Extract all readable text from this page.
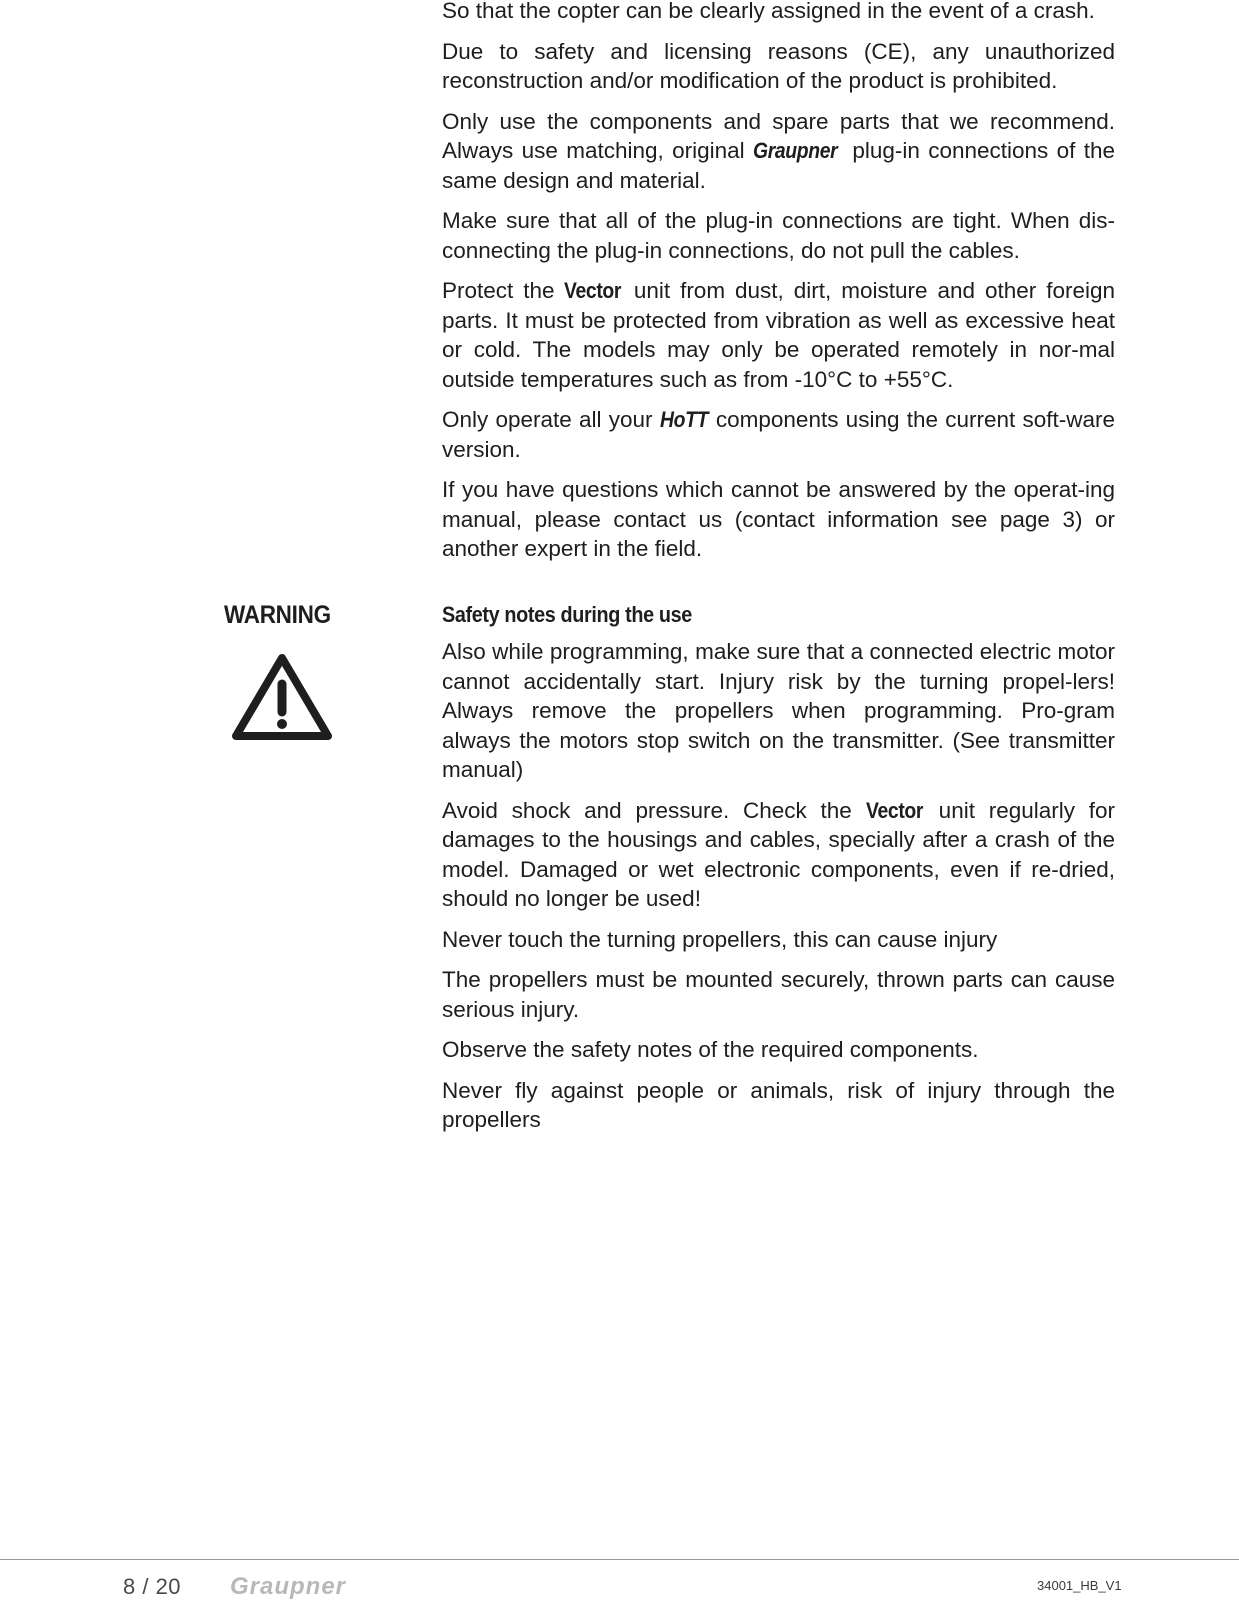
So that the copter can be clearly assigned in the event of a crash.

Due to safety and licensing reasons (CE), any unauthorized reconstruction and/or modification of the product is prohibited.

Only use the components and spare parts that we recommend. Always use matching, original Graupner plug-in connections of the same design and material.

Make sure that all of the plug-in connections are tight. When dis-connecting the plug-in connections, do not pull the cables.

Protect the Vector unit from dust, dirt, moisture and other foreign parts. It must be protected from vibration as well as excessive heat or cold. The models may only be operated remotely in nor-mal outside temperatures such as from -10°C to +55°C.

Only operate all your HoTT components using the current soft-ware version.

If you have questions which cannot be answered by the operat-ing manual, please contact us (contact information see page 3) or another expert in the field.

Safety notes during the use

Also while programming, make sure that a connected electric motor cannot accidentally start. Injury risk by the turning propel-lers! Always remove the propellers when programming. Pro-gram always the motors stop switch on the transmitter. (See transmitter manual)

Avoid shock and pressure. Check the Vector unit regularly for damages to the housings and cables, specially after a crash of the model. Damaged or wet electronic components, even if re-dried, should no longer be used!

Never touch the turning propellers, this can cause injury

The propellers must be mounted securely, thrown parts can cause serious injury.

Observe the safety notes of the required components.

Never fly against people or animals, risk of injury through the propellers

WARNING
8 / 20 Graupner	34001_HB_V1
